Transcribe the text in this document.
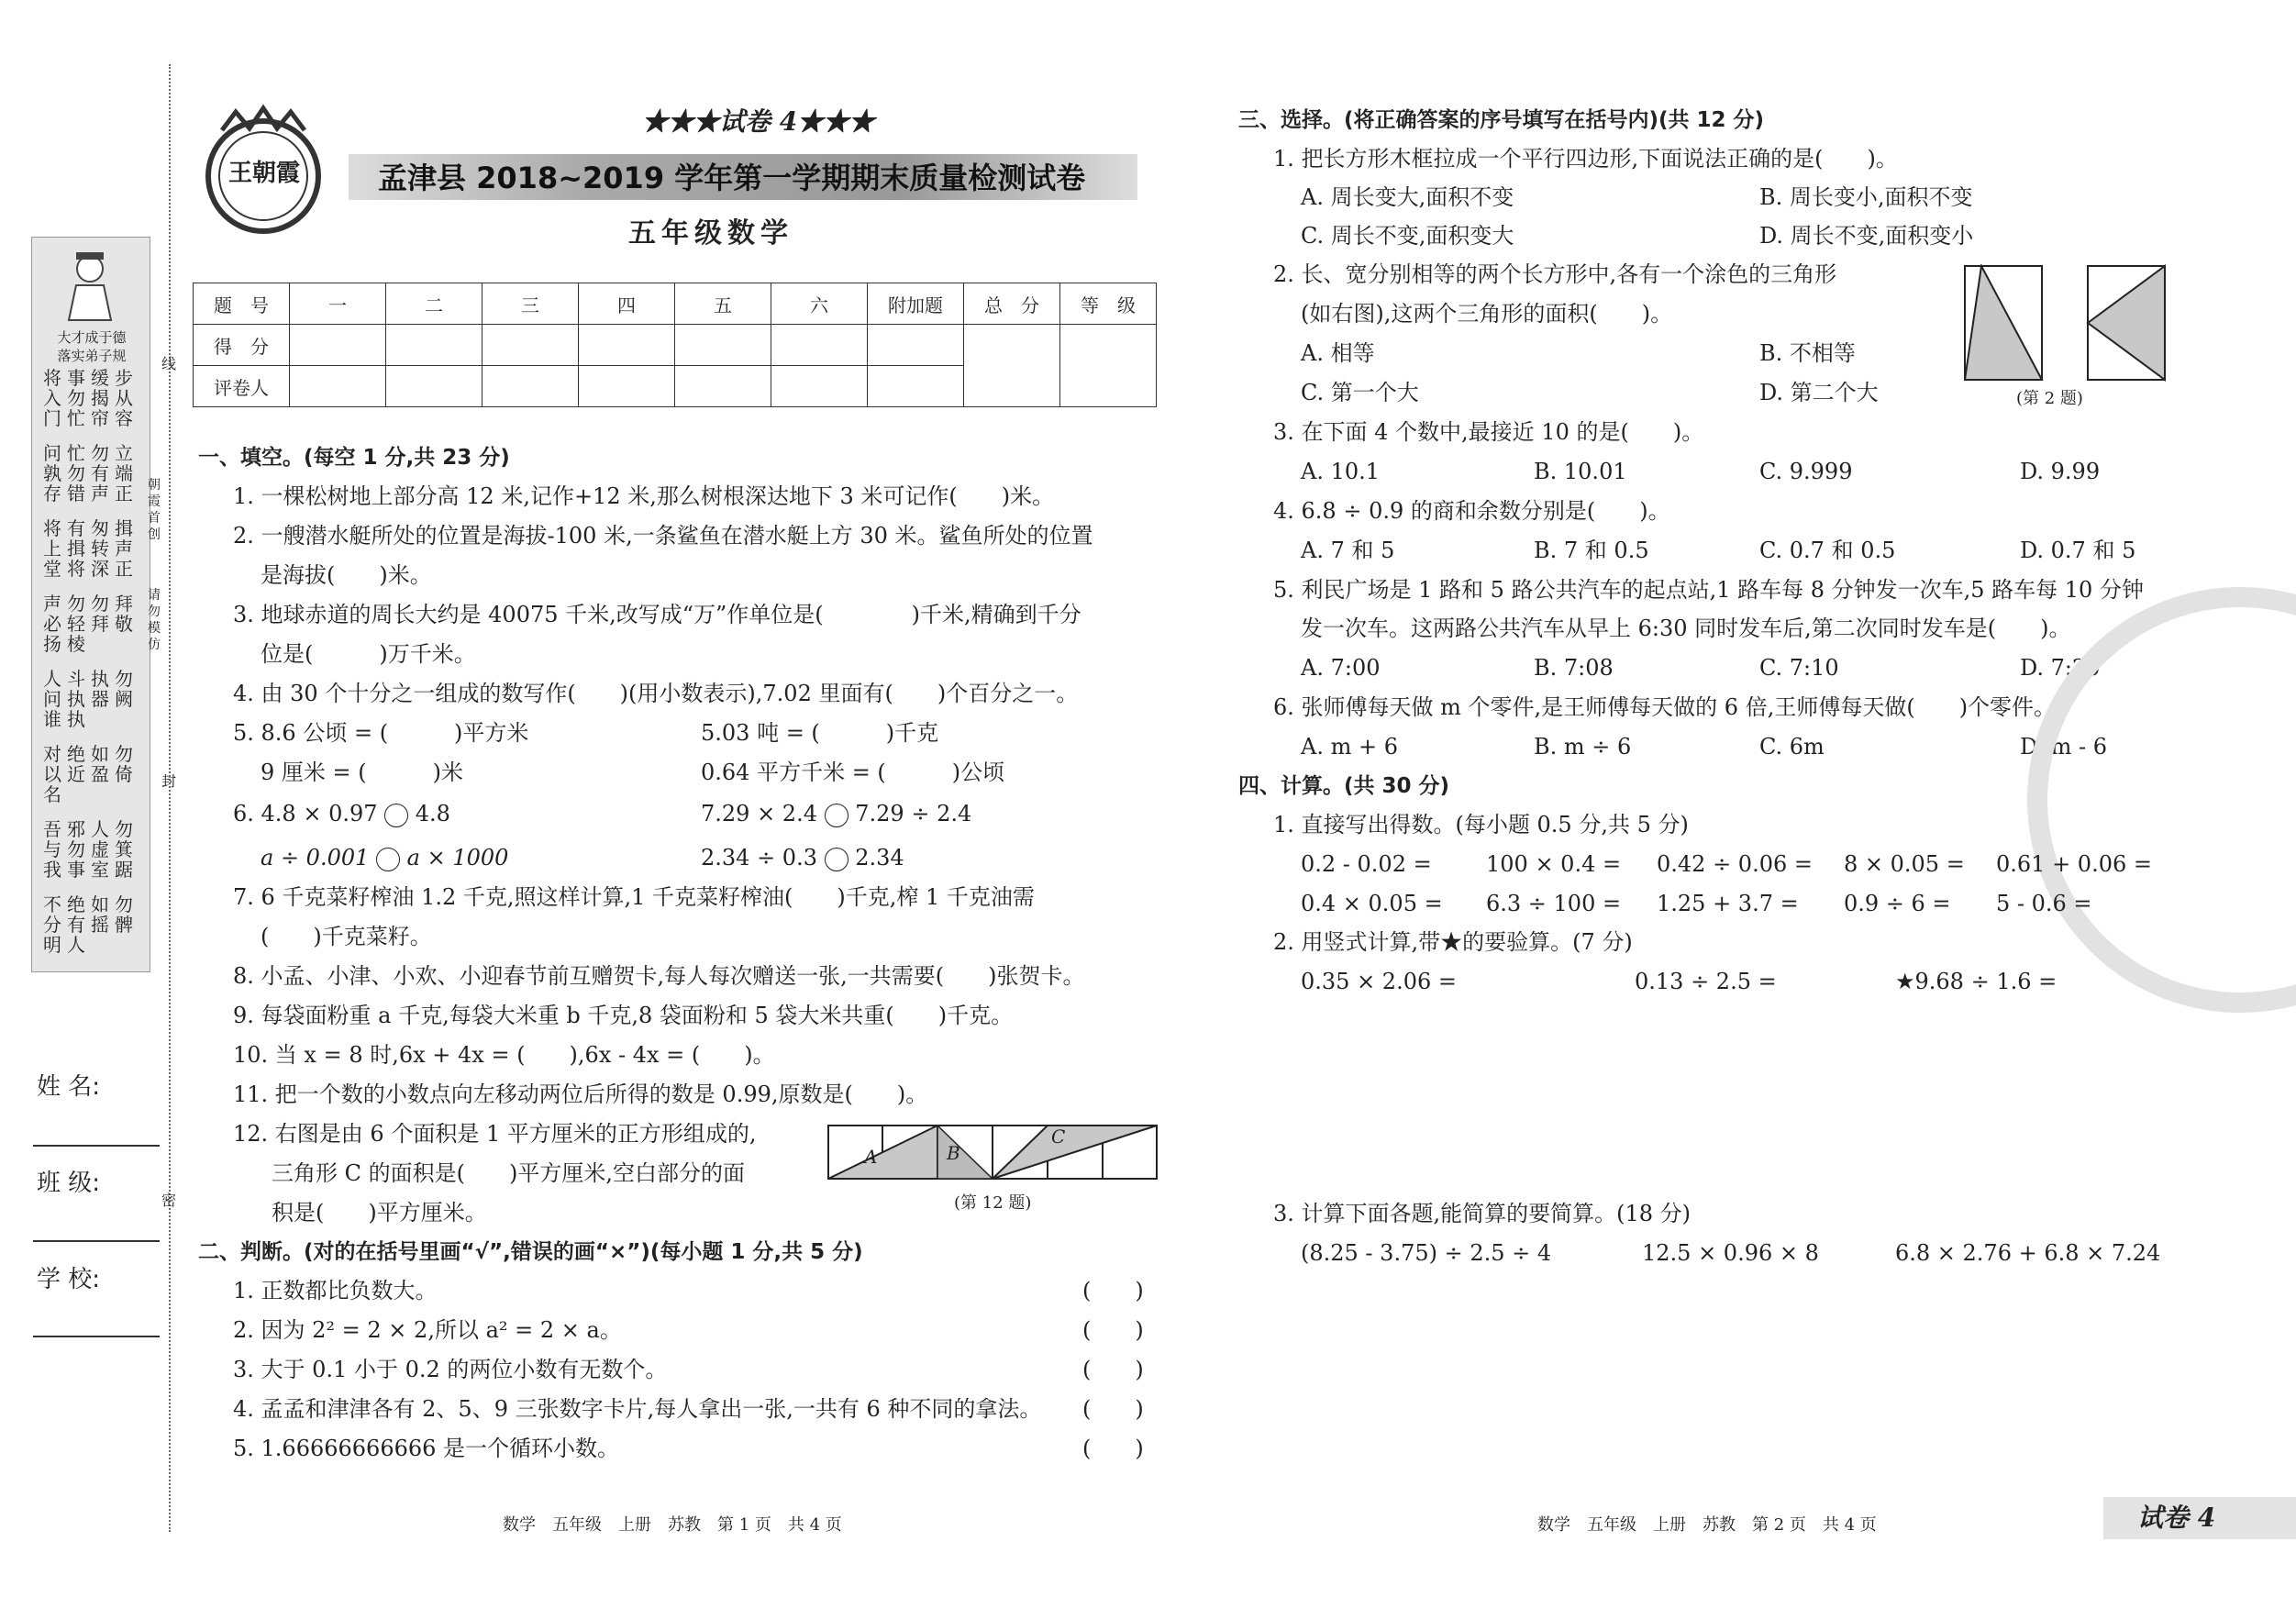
大才成于德
落实弟子规
将入门
事勿忙
缓揭帘
步从容
问孰存
忙勿错
勿有声
立端正
将上堂
有揖将
匆转深
揖声正
声必扬
勿轻棱
勿拜
拜敬
人问谁
斗执执
执器
勿阙
对以名
绝近
如盈
勿倚
吾与我
邪勿事
人虚室
勿箕踞
不分明
绝有人
如摇
勿髀
线
封
密
朝霞首创
请勿模仿
姓 名:
班 级:
学 校:
王朝霞
★★★试卷 4★★★
孟津县 2018~2019 学年第一学期期末质量检测试卷
五年级数学
题　号	一	二	三	四	五	六	附加题	总　分	等　级
得　分									
评卷人									
一、填空。(每空 1 分,共 23 分)
1. 一棵松树地上部分高 12 米,记作+12 米,那么树根深达地下 3 米可记作(　　)米。
2. 一艘潜水艇所处的位置是海拔-100 米,一条鲨鱼在潜水艇上方 30 米。鲨鱼所处的位置
是海拔(　　)米。
3. 地球赤道的周长大约是 40075 千米,改写成“万”作单位是(　　　　)千米,精确到千分
位是(　　　)万千米。
4. 由 30 个十分之一组成的数写作(　　)(用小数表示),7.02 里面有(　　)个百分之一。
5. 8.6 公顷 = (　　　)平方米	5.03 吨 = (　　　)千克
9 厘米 = (　　　)米	0.64 平方千米 = (　　　)公顷
6. 4.8 × 0.97 4.8	7.29 × 2.4 7.29 ÷ 2.4
a ÷ 0.001 a × 1000	2.34 ÷ 0.3 2.34
7. 6 千克菜籽榨油 1.2 千克,照这样计算,1 千克菜籽榨油(　　)千克,榨 1 千克油需
(　　)千克菜籽。
8. 小孟、小津、小欢、小迎春节前互赠贺卡,每人每次赠送一张,一共需要(　　)张贺卡。
9. 每袋面粉重 a 千克,每袋大米重 b 千克,8 袋面粉和 5 袋大米共重(　　)千克。
10. 当 x = 8 时,6x + 4x = (　　),6x - 4x = (　　)。
11. 把一个数的小数点向左移动两位后所得的数是 0.99,原数是(　　)。
12. 右图是由 6 个面积是 1 平方厘米的正方形组成的,
三角形 C 的面积是(　　)平方厘米,空白部分的面
积是(　　)平方厘米。
A	B
C
(第 12 题)
二、判断。(对的在括号里画“√”,错误的画“×”)(每小题 1 分,共 5 分)
1. 正数都比负数大。	(　　)
2. 因为 2² = 2 × 2,所以 a² = 2 × a。	(　　)
3. 大于 0.1 小于 0.2 的两位小数有无数个。	(　　)
4. 孟孟和津津各有 2、5、9 三张数字卡片,每人拿出一张,一共有 6 种不同的拿法。 (　　)
5. 1.66666666666 是一个循环小数。	(　　)
三、选择。(将正确答案的序号填写在括号内)(共 12 分)
1. 把长方形木框拉成一个平行四边形,下面说法正确的是(　　)。
A. 周长变大,面积不变	B. 周长变小,面积不变
C. 周长不变,面积变大	D. 周长不变,面积变小
2. 长、宽分别相等的两个长方形中,各有一个涂色的三角形
(如右图),这两个三角形的面积(　　)。
A. 相等	B. 不相等
C. 第一个大	D. 第二个大	(第 2 题)
3. 在下面 4 个数中,最接近 10 的是(　　)。
A. 10.1	B. 10.01	C. 9.999	D. 9.99
4. 6.8 ÷ 0.9 的商和余数分别是(　　)。
A. 7 和 5	B. 7 和 0.5	C. 0.7 和 0.5	D. 0.7 和 5
5. 利民广场是 1 路和 5 路公共汽车的起点站,1 路车每 8 分钟发一次车,5 路车每 10 分钟
发一次车。这两路公共汽车从早上 6:30 同时发车后,第二次同时发车是(　　)。
A. 7:00	B. 7:08	C. 7:10	D. 7:20
6. 张师傅每天做 m 个零件,是王师傅每天做的 6 倍,王师傅每天做(　　)个零件。
A. m + 6	B. m ÷ 6	C. 6m	D. m - 6
四、计算。(共 30 分)
1. 直接写出得数。(每小题 0.5 分,共 5 分)
0.2 - 0.02 = 100 × 0.4 = 0.42 ÷ 0.06 = 8 × 0.05 = 0.61 + 0.06 =
0.4 × 0.05 = 6.3 ÷ 100 = 1.25 + 3.7 = 0.9 ÷ 6 = 5 - 0.6 =
2. 用竖式计算,带★的要验算。(7 分)
0.35 × 2.06 =	0.13 ÷ 2.5 =	★9.68 ÷ 1.6 =
3. 计算下面各题,能简算的要简算。(18 分)
(8.25 - 3.75) ÷ 2.5 ÷ 4	12.5 × 0.96 × 8	6.8 × 2.76 + 6.8 × 7.24
数学　五年级　上册　苏教　第 1 页　共 4 页	数学　五年级　上册　苏教　第 2 页　共 4 页	试卷 4
